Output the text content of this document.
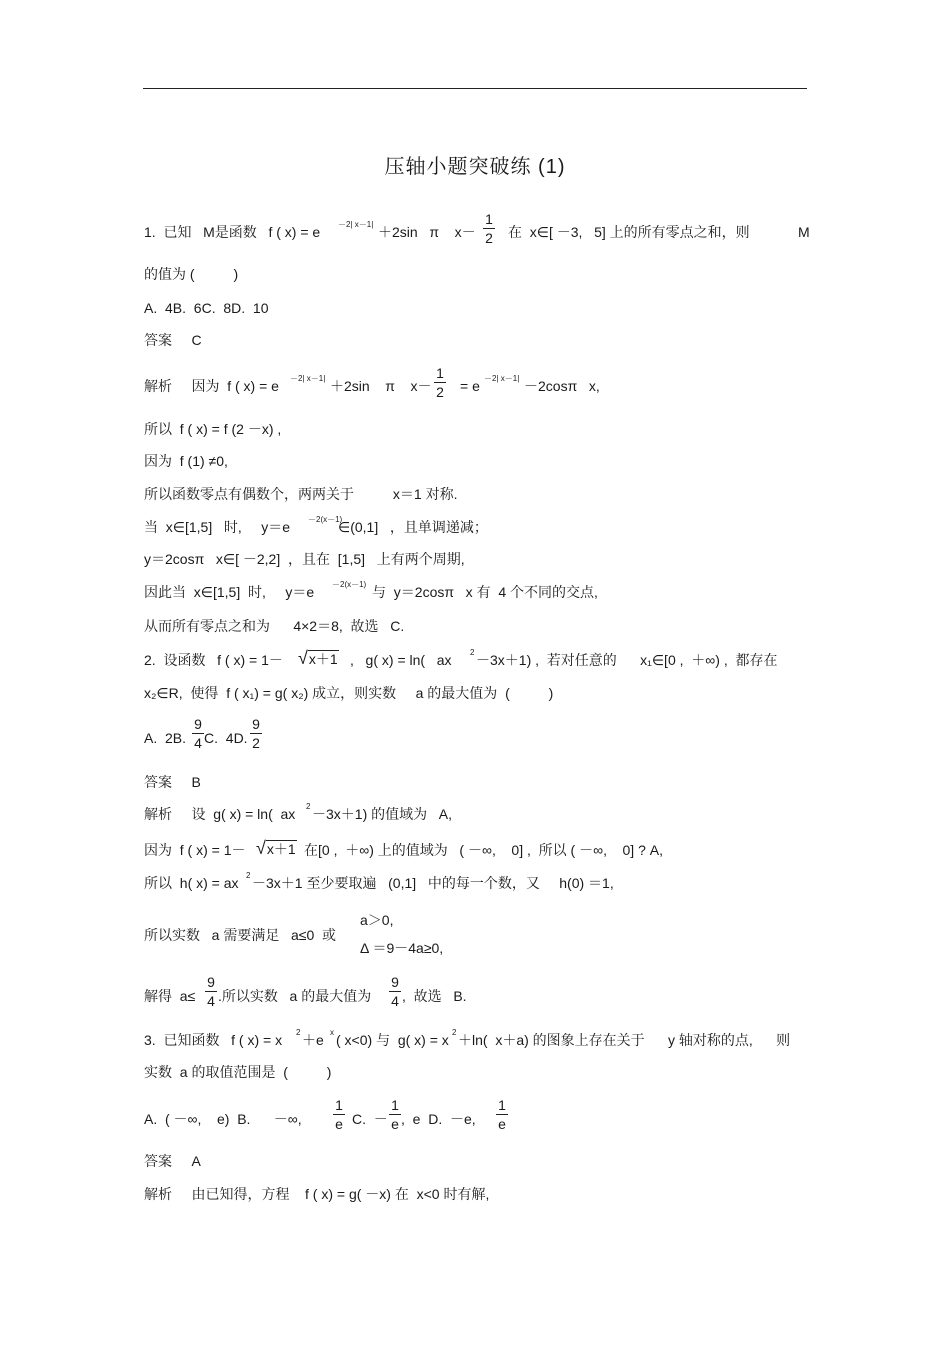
压轴小题突破练 (1)
1.  已知   M是函数   f ( x) = e －2| x－1| ＋2sin   π    x－
1
2 在  x∈[ －3,   5] 上的所有零点之和，则	M
的值为 (          )
A.  4B.  6C.  8D.  10
答案     C
解析     因为  f ( x) = e －2| x－1| ＋2sin    π    x－
1
2 = e －2| x－1| －2cosπ   x,
所以  f ( x) = f (2 －x) ,
因为  f (1) ≠0,
所以函数零点有偶数个，两两关于          x＝1 对称.
当  x∈[1,5]   时,     y＝e －2(x－1)
∈(0,1]   ，且单调递减；
y＝2cosπ   x∈[ －2,2]  ，且在  [1,5]   上有两个周期,
因此当  x∈[1,5]  时,     y＝e －2(x－1) 与  y＝2cosπ   x 有  4 个不同的交点,
从而所有零点之和为      4×2＝8,  故选   C.
2.  设函数   f ( x) = 1－ √x＋1 ,   g( x) = ln(   ax 2 －3x＋1) ,  若对任意的      x₁∈[0 ,  ＋∞) ,  都存在
x₂∈R,  使得  f ( x₁) = g( x₂) 成立，则实数     a 的最大值为  (          )
A.  2B.
9
4 C.  4D.
9
2
答案     B
解析     设  g( x) = ln(  ax 2 －3x＋1) 的值域为   A,
因为  f ( x) = 1－ √x＋1 在[0 ,  ＋∞) 上的值域为   ( －∞,    0] ,  所以 ( －∞,    0] ? A,
所以  h( x) = ax 2 －3x＋1 至少要取遍   (0,1]   中的每一个数，又     h(0) ＝1,
所以实数   a 需要满足   a≤0  或
a＞0,
Δ ＝9－4a≥0,
解得  a≤
9
4 .所以实数   a 的最大值为
9
4 ,  故选   B.
3.  已知函数   f ( x) = x 2 ＋e x ( x<0) 与  g( x) = x 2 ＋ln(  x＋a) 的图象上存在关于      y 轴对称的点,      则
实数  a 的取值范围是  (          )
A.  ( －∞,    e)  B.      －∞,
1
e C.  －
1
e ,  e  D.  －e,
1
e
答案     A
解析     由已知得，方程    f ( x) = g( －x) 在  x<0 时有解,
